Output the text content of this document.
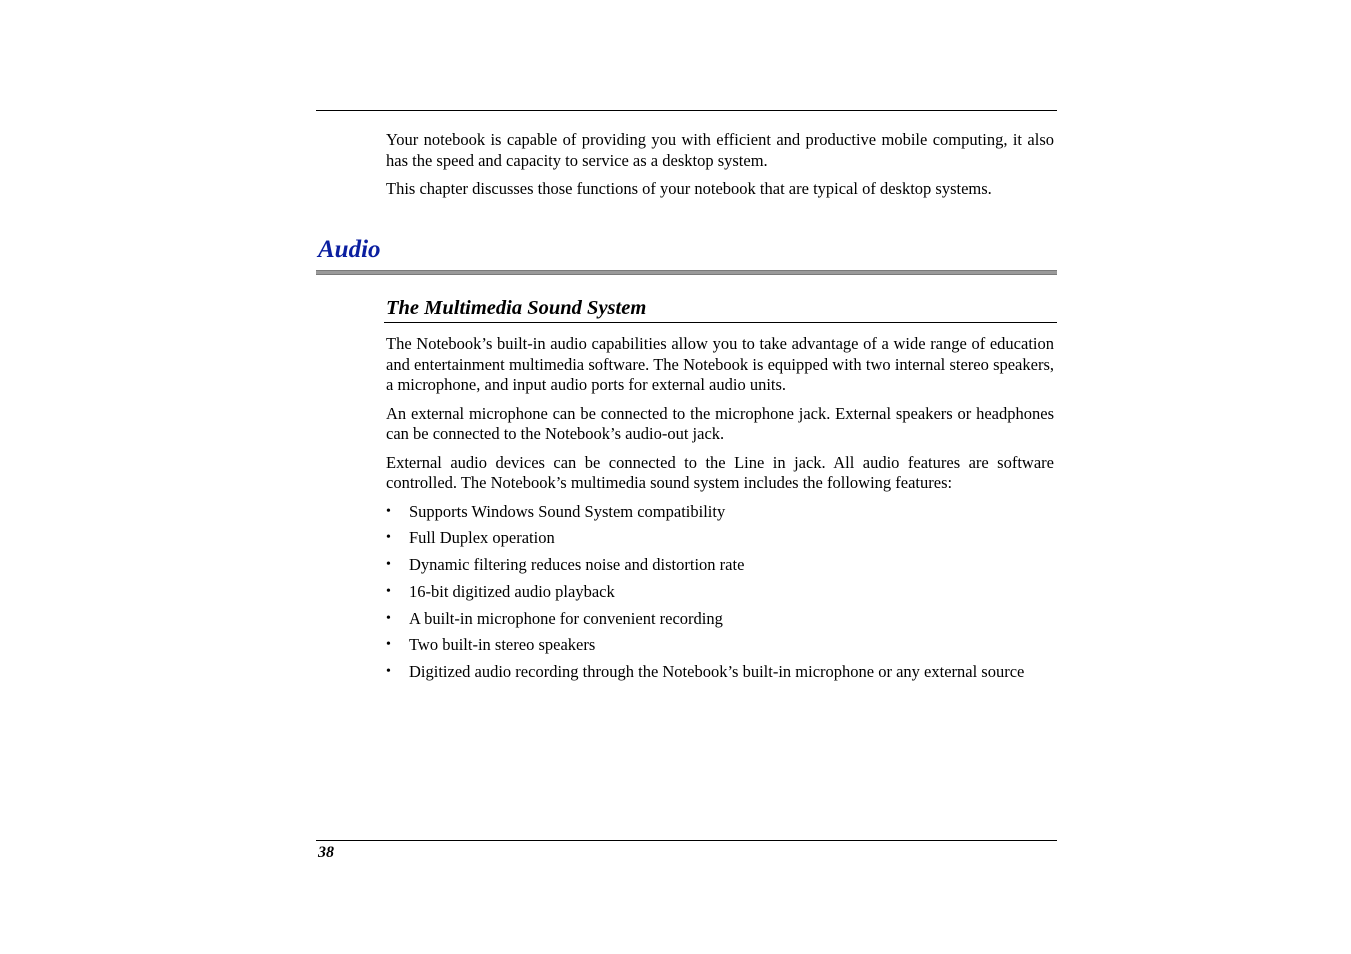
Your notebook is capable of providing you with efficient and productive mobile computing, it also has the speed and capacity to service as a desktop system.

This chapter discusses those functions of your notebook that are typical of desktop systems.

Audio
The Multimedia Sound System

The Notebook’s built-in audio capabilities allow you to take advantage of a wide range of education and entertainment multimedia software. The Notebook is equipped with two internal stereo speakers, a microphone, and input audio ports for external audio units.

An external microphone can be connected to the microphone jack. External speakers or headphones can be connected to the Notebook’s audio-out jack.

External audio devices can be connected to the Line in jack. All audio features are software controlled. The Notebook’s multimedia sound system includes the following features:

• Supports Windows Sound System compatibility
• Full Duplex operation
• Dynamic filtering reduces noise and distortion rate
• 16-bit digitized audio playback
• A built-in microphone for convenient recording
• Two built-in stereo speakers
• Digitized audio recording through the Notebook’s built-in microphone or any external source

38
